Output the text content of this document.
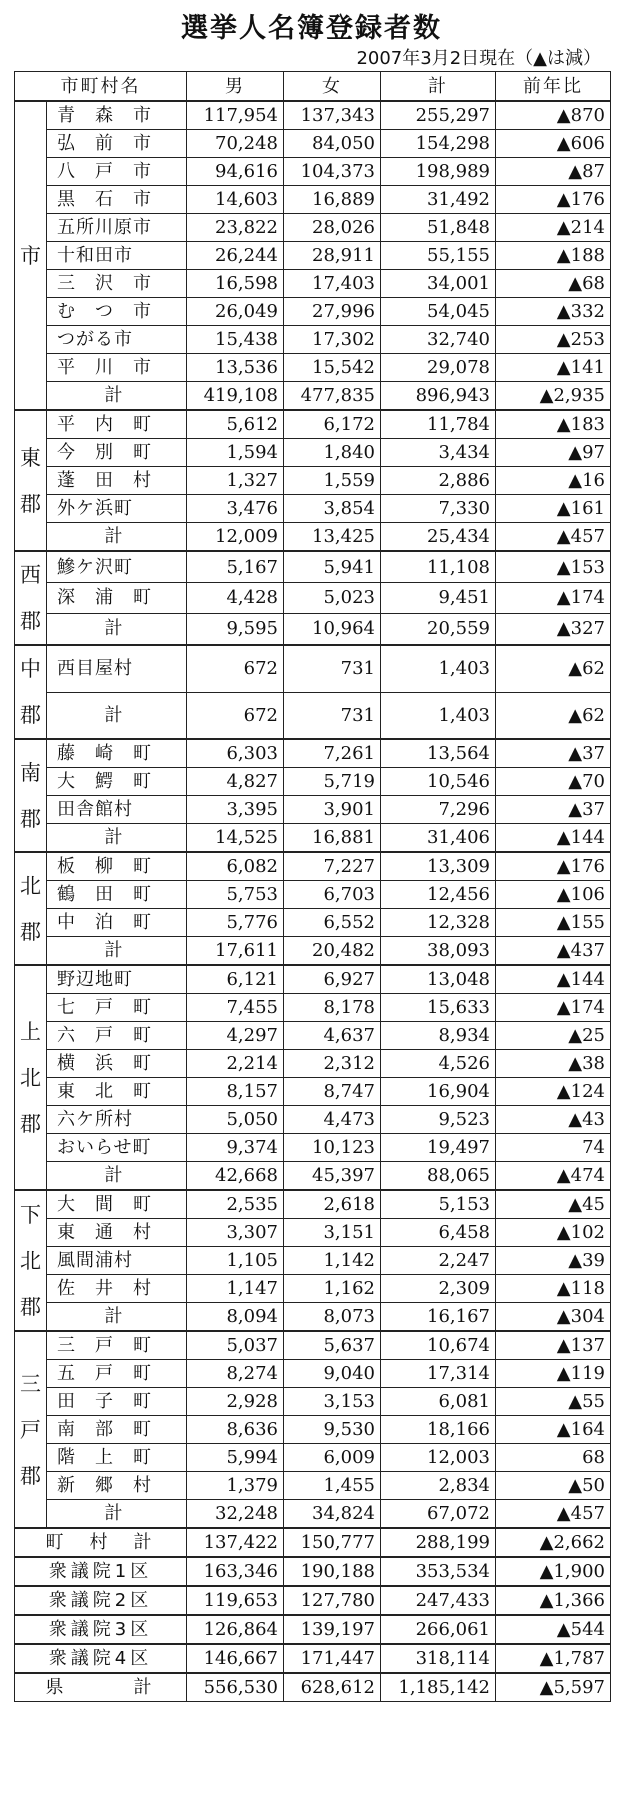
選挙人名簿登録者数
2007年3月2日現在（▲は減）
市町村名		男	女	計	前年比

市	青　森　市	117,954	137,343	255,297	▲870
	弘　前　市	70,248	84,050	154,298	▲606
	八　戸　市	94,616	104,373	198,989	▲87
	黒　石　市	14,603	16,889	31,492	▲176
	五所川原市	23,822	28,026	51,848	▲214
	十和田市	26,244	28,911	55,155	▲188
	三　沢　市	16,598	17,403	34,001	▲68
	む　つ　市	26,049	27,996	54,045	▲332
	つがる市	15,438	17,302	32,740	▲253
	平　川　市	13,536	15,542	29,078	▲141
	計	419,108	477,835	896,943	▲2,935

東
郡	平　内　町	5,612	6,172	11,784	▲183
	今　別　町	1,594	1,840	3,434	▲97
	蓬　田　村	1,327	1,559	2,886	▲16
	外ケ浜町	3,476	3,854	7,330	▲161
	計	12,009	13,425	25,434	▲457

西
郡	鰺ケ沢町	5,167	5,941	11,108	▲153
	深　浦　町	4,428	5,023	9,451	▲174
	計	9,595	10,964	20,559	▲327

中
郡	西目屋村	672	731	1,403	▲62
	計	672	731	1,403	▲62

南
郡	藤　崎　町	6,303	7,261	13,564	▲37
	大　鰐　町	4,827	5,719	10,546	▲70
	田舎館村	3,395	3,901	7,296	▲37
	計	14,525	16,881	31,406	▲144

北
郡	板　柳　町	6,082	7,227	13,309	▲176
	鶴　田　町	5,753	6,703	12,456	▲106
	中　泊　町	5,776	6,552	12,328	▲155
	計	17,611	20,482	38,093	▲437

上
北
郡	野辺地町	6,121	6,927	13,048	▲144
	七　戸　町	7,455	8,178	15,633	▲174
	六　戸　町	4,297	4,637	8,934	▲25
	横　浜　町	2,214	2,312	4,526	▲38
	東　北　町	8,157	8,747	16,904	▲124
	六ケ所村	5,050	4,473	9,523	▲43
	おいらせ町	9,374	10,123	19,497	74
	計	42,668	45,397	88,065	▲474

下
北
郡	大　間　町	2,535	2,618	5,153	▲45
	東　通　村	3,307	3,151	6,458	▲102
	風間浦村	1,105	1,142	2,247	▲39
	佐　井　村	1,147	1,162	2,309	▲118
	計	8,094	8,073	16,167	▲304

三
戸
郡	三　戸　町	5,037	5,637	10,674	▲137
	五　戸　町	8,274	9,040	17,314	▲119
	田　子　町	2,928	3,153	6,081	▲55
	南　部　町	8,636	9,530	18,166	▲164
	階　上　町	5,994	6,009	12,003	68
	新　郷　村	1,379	1,455	2,834	▲50
	計	32,248	34,824	67,072	▲457
町　村　計		137,422	150,777	288,199	▲2,662
衆議院1区		163,346	190,188	353,534	▲1,900
衆議院2区		119,653	127,780	247,433	▲1,366
衆議院3区		126,864	139,197	266,061	▲544
衆議院4区		146,667	171,447	318,114	▲1,787
県　　　計		556,530	628,612	1,185,142	▲5,597
